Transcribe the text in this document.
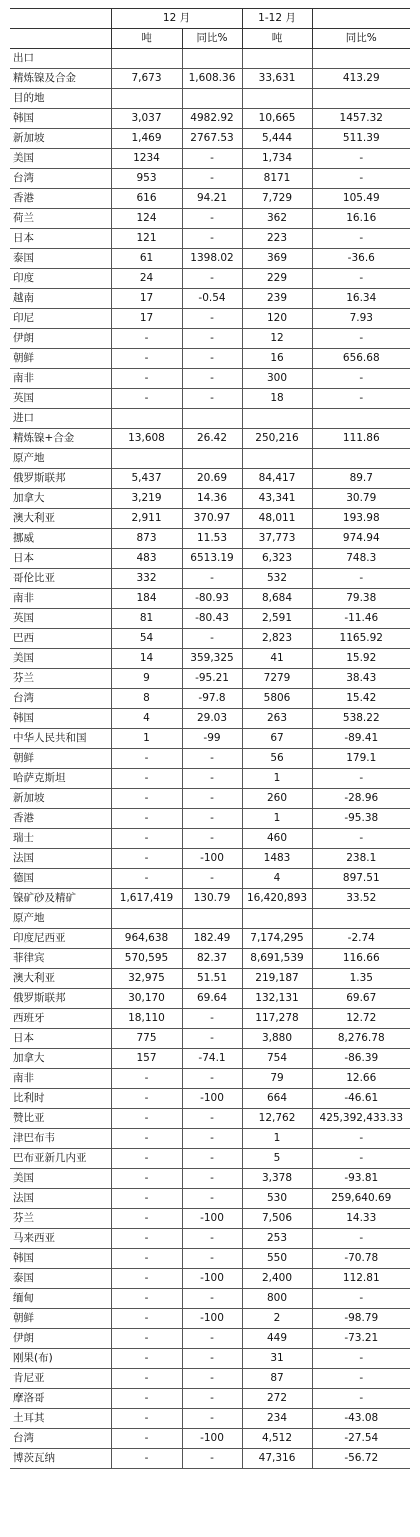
	12 月		1-12 月	
	吨	同比%	吨	同比%
出口				
精炼镍及合金	7,673	1,608.36	33,631	413.29
目的地				
韩国	3,037	4982.92	10,665	1457.32
新加坡	1,469	2767.53	5,444	511.39
美国	1234	-	1,734	-
台湾	953	-	8171	-
香港	616	94.21	7,729	105.49
荷兰	124	-	362	16.16
日本	121	-	223	-
泰国	61	1398.02	369	-36.6
印度	24	-	229	-
越南	17	-0.54	239	16.34
印尼	17	-	120	7.93
伊朗	-	-	12	-
朝鲜	-	-	16	656.68
南非	-	-	300	-
英国	-	-	18	-
进口				
精炼镍+合金	13,608	26.42	250,216	111.86
原产地				
俄罗斯联邦	5,437	20.69	84,417	89.7
加拿大	3,219	14.36	43,341	30.79
澳大利亚	2,911	370.97	48,011	193.98
挪威	873	11.53	37,773	974.94
日本	483	6513.19	6,323	748.3
哥伦比亚	332	-	532	-
南非	184	-80.93	8,684	79.38
英国	81	-80.43	2,591	-11.46
巴西	54	-	2,823	1165.92
美国	14	359,325	41	15.92
芬兰	9	-95.21	7279	38.43
台湾	8	-97.8	5806	15.42
韩国	4	29.03	263	538.22
中华人民共和国	1	-99	67	-89.41
朝鲜	-	-	56	179.1
哈萨克斯坦	-	-	1	-
新加坡	-	-	260	-28.96
香港	-	-	1	-95.38
瑞士	-	-	460	-
法国	-	-100	1483	238.1
德国	-	-	4	897.51
镍矿砂及精矿	1,617,419	130.79	16,420,893	33.52
原产地				
印度尼西亚	964,638	182.49	7,174,295	-2.74
菲律宾	570,595	82.37	8,691,539	116.66
澳大利亚	32,975	51.51	219,187	1.35
俄罗斯联邦	30,170	69.64	132,131	69.67
西班牙	18,110	-	117,278	12.72
日本	775	-	3,880	8,276.78
加拿大	157	-74.1	754	-86.39
南非	-	-	79	12.66
比利时	-	-100	664	-46.61
赞比亚	-	-	12,762	425,392,433.33
津巴布韦	-	-	1	-
巴布亚新几内亚	-	-	5	-
美国	-	-	3,378	-93.81
法国	-	-	530	259,640.69
芬兰	-	-100	7,506	14.33
马来西亚	-	-	253	-
韩国	-	-	550	-70.78
泰国	-	-100	2,400	112.81
缅甸	-	-	800	-
朝鲜	-	-100	2	-98.79
伊朗	-	-	449	-73.21
刚果(布)	-	-	31	-
肯尼亚	-	-	87	-
摩洛哥	-	-	272	-
土耳其	-	-	234	-43.08
台湾	-	-100	4,512	-27.54
博茨瓦纳	-	-	47,316	-56.72
